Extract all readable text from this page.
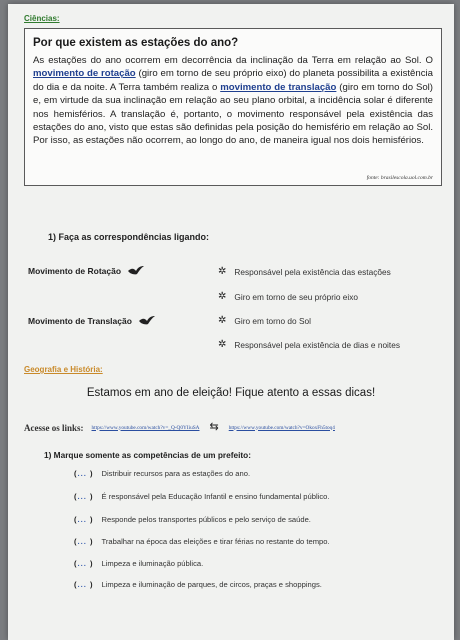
Ciências:
Por que existem as estações do ano?
As estações do ano ocorrem em decorrência da inclinação da Terra em relação ao Sol. O movimento de rotação (giro em torno de seu próprio eixo) do planeta possibilita a existência do dia e da noite. A Terra também realiza o movimento de translação (giro em torno do Sol) e, em virtude da sua inclinação em relação ao seu plano orbital, a incidência solar é diferente nos hemisférios. A translação é, portanto, o movimento responsável pela existência das estações do ano, visto que estas são definidas pela posição do hemisfério em relação ao Sol. Por isso, as estações não ocorrem, ao longo do ano, de maneira igual nos dois hemisférios.
fonte: brasilescola.uol.com.br
1) Faça as correspondências ligando:
Movimento de Rotação
Movimento de Translação
✲ Responsável pela existência das estações
✲ Giro em torno de seu próprio eixo
✲ Giro em torno do Sol
✲ Responsável pela existência de dias e noites
Geografia e História:
Estamos em ano de eleição! Fique atento a essas dicas!
Acesse os links: https://www.youtube.com/watch?v=_Q-Q0YIiuSA ⇆ https://www.youtube.com/watch?v=OkoxFh5toq4
1) Marque somente as competências de um prefeito:
(... ) Distribuir recursos para as estações do ano.
(... ) É responsável pela Educação Infantil e ensino fundamental público.
(... ) Responde pelos transportes públicos e pelo serviço de saúde.
(... ) Trabalhar na época das eleições e tirar férias no restante do tempo.
(... ) Limpeza e iluminação pública.
(... ) Limpeza e iluminação de parques, de circos, praças e shoppings.
